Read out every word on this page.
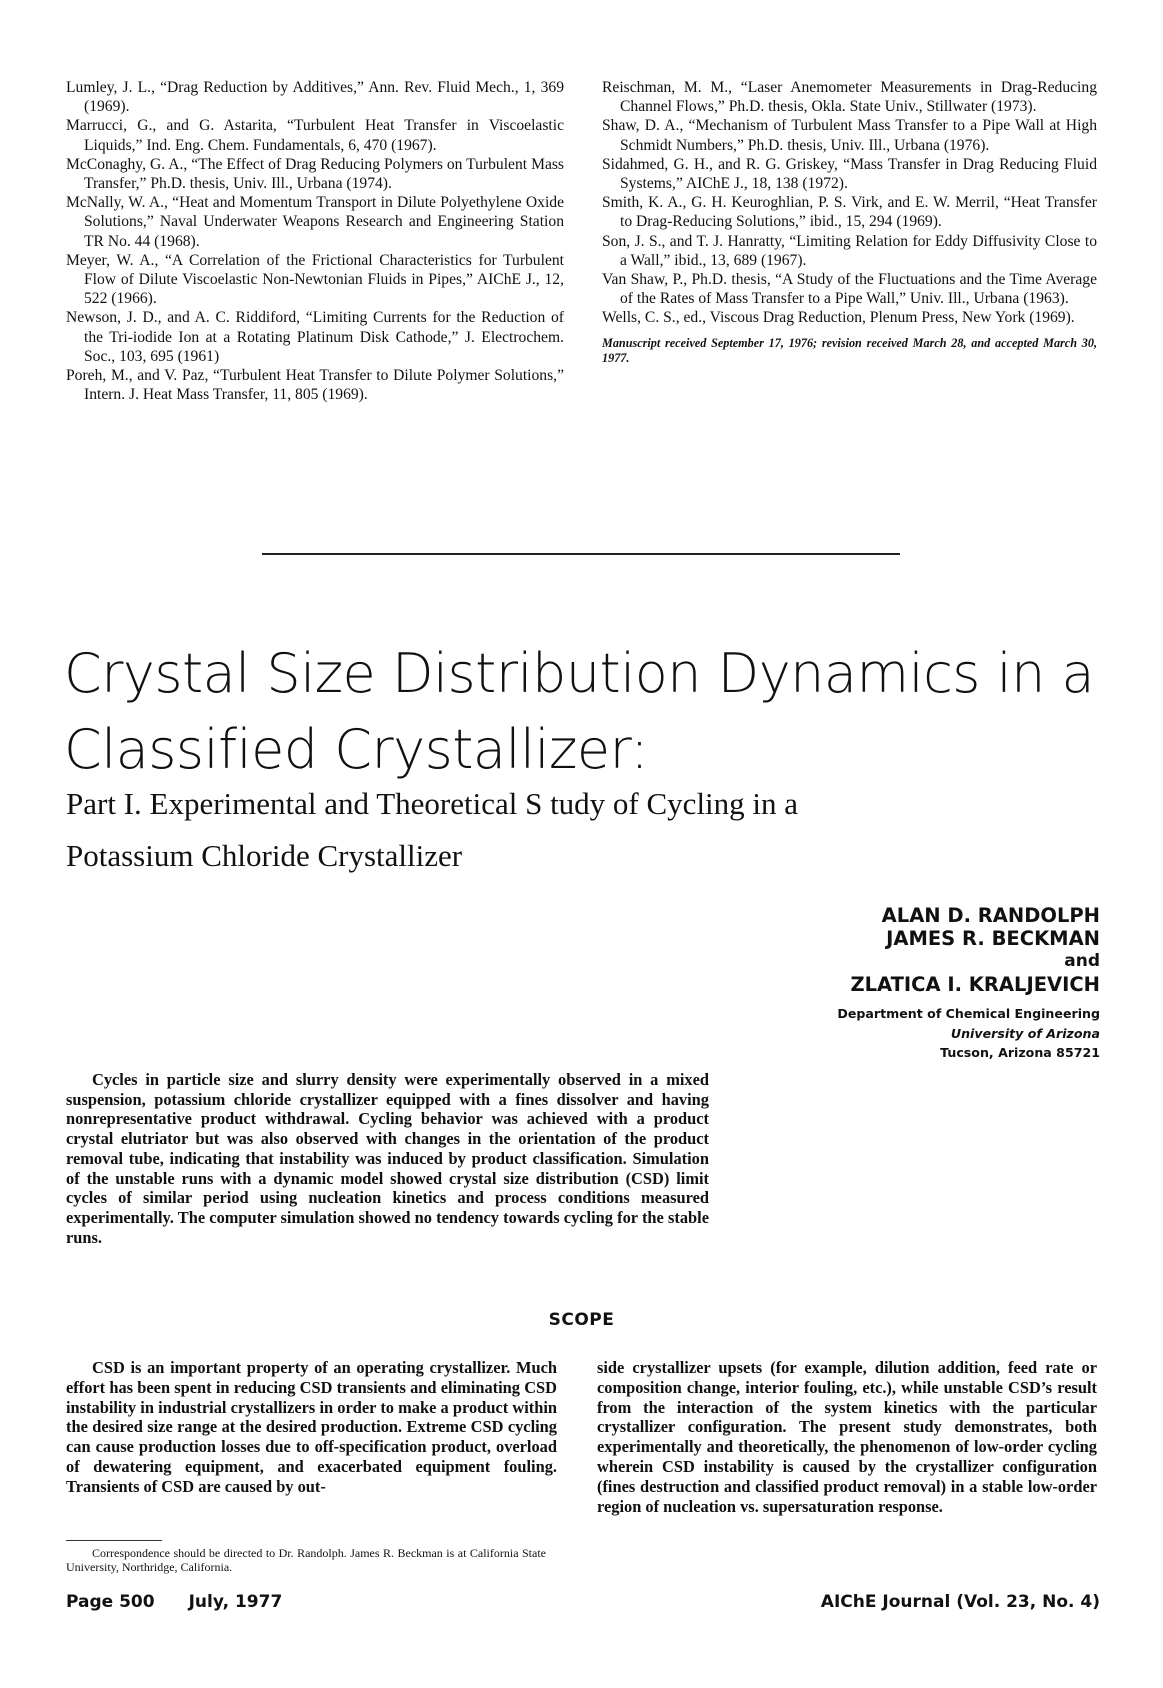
Lumley, J. L., “Drag Reduction by Additives,” Ann. Rev. Fluid Mech., 1, 369 (1969).

Marrucci, G., and G. Astarita, “Turbulent Heat Transfer in Viscoelastic Liquids,” Ind. Eng. Chem. Fundamentals, 6, 470 (1967).

McConaghy, G. A., “The Effect of Drag Reducing Polymers on Turbulent Mass Transfer,” Ph.D. thesis, Univ. Ill., Urbana (1974).

McNally, W. A., “Heat and Momentum Transport in Dilute Polyethylene Oxide Solutions,” Naval Underwater Weapons Research and Engineering Station TR No. 44 (1968).

Meyer, W. A., “A Correlation of the Frictional Characteristics for Turbulent Flow of Dilute Viscoelastic Non-Newtonian Fluids in Pipes,” AIChE J., 12, 522 (1966).

Newson, J. D., and A. C. Riddiford, “Limiting Currents for the Reduction of the Tri-iodide Ion at a Rotating Platinum Disk Cathode,” J. Electrochem. Soc., 103, 695 (1961)

Poreh, M., and V. Paz, “Turbulent Heat Transfer to Dilute Polymer Solutions,” Intern. J. Heat Mass Transfer, 11, 805 (1969).

Reischman, M. M., “Laser Anemometer Measurements in Drag-Reducing Channel Flows,” Ph.D. thesis, Okla. State Univ., Stillwater (1973).

Shaw, D. A., “Mechanism of Turbulent Mass Transfer to a Pipe Wall at High Schmidt Numbers,” Ph.D. thesis, Univ. Ill., Urbana (1976).

Sidahmed, G. H., and R. G. Griskey, “Mass Transfer in Drag Reducing Fluid Systems,” AIChE J., 18, 138 (1972).

Smith, K. A., G. H. Keuroghlian, P. S. Virk, and E. W. Merril, “Heat Transfer to Drag-Reducing Solutions,” ibid., 15, 294 (1969).

Son, J. S., and T. J. Hanratty, “Limiting Relation for Eddy Diffusivity Close to a Wall,” ibid., 13, 689 (1967).

Van Shaw, P., Ph.D. thesis, “A Study of the Fluctuations and the Time Average of the Rates of Mass Transfer to a Pipe Wall,” Univ. Ill., Urbana (1963).

Wells, C. S., ed., Viscous Drag Reduction, Plenum Press, New York (1969).

Manuscript received September 17, 1976; revision received March 28, and accepted March 30, 1977.
Crystal Size Distribution Dynamics in a
Classified Crystallizer:
Part I. Experimental and Theoretical S tudy of Cycling in a
Potassium Chloride Crystallizer
ALAN D. RANDOLPH
JAMES R. BECKMAN
and
ZLATICA I. KRALJEVICH
Department of Chemical Engineering
University of Arizona
Tucson, Arizona 85721

Cycles in particle size and slurry density were experimentally observed in a mixed suspension, potassium chloride crystallizer equipped with a fines dissolver and having nonrepresentative product withdrawal. Cycling behavior was achieved with a product crystal elutriator but was also observed with changes in the orientation of the product removal tube, indicating that instability was induced by product classification. Simulation of the unstable runs with a dynamic model showed crystal size distribution (CSD) limit cycles of similar period using nucleation kinetics and process conditions measured experimentally. The computer simulation showed no tendency towards cycling for the stable runs.

SCOPE

CSD is an important property of an operating crystallizer. Much effort has been spent in reducing CSD transients and eliminating CSD instability in industrial crystallizers in order to make a product within the desired size range at the desired production. Extreme CSD cycling can cause production losses due to off-specification product, overload of dewatering equipment, and exacerbated equipment fouling. Transients of CSD are caused by out-

side crystallizer upsets (for example, dilution addition, feed rate or composition change, interior fouling, etc.), while unstable CSD’s result from the interaction of the system kinetics with the particular crystallizer configuration. The present study demonstrates, both experimentally and theoretically, the phenomenon of low-order cycling wherein CSD instability is caused by the crystallizer configuration (fines destruction and classified product removal) in a stable low-order region of nucleation vs. supersaturation response.

Correspondence should be directed to Dr. Randolph. James R. Beckman is at California State University, Northridge, California.

Page 500 July, 1977	AIChE Journal (Vol. 23, No. 4)
